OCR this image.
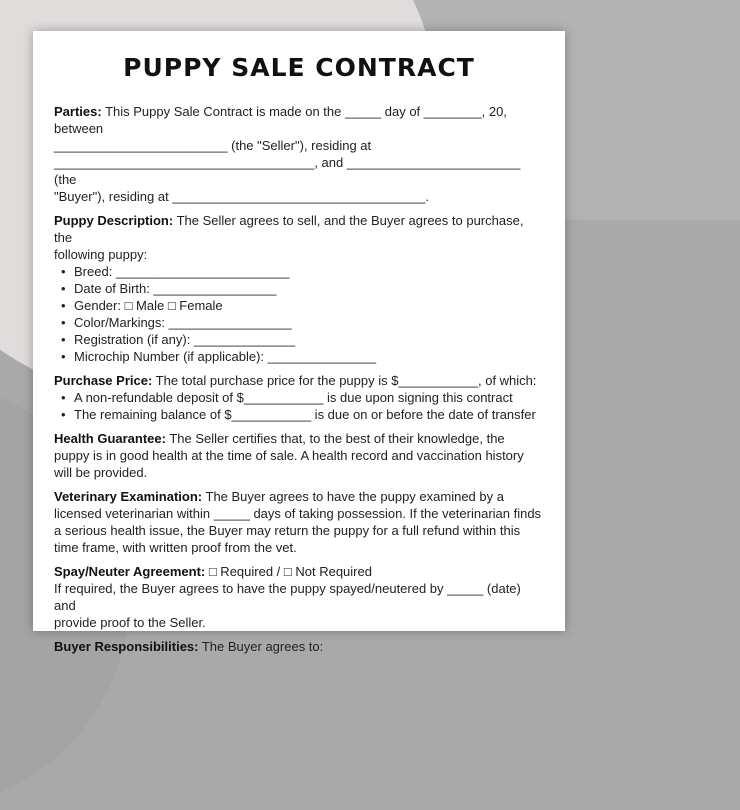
PUPPY SALE CONTRACT

Parties: This Puppy Sale Contract is made on the _____ day of ________, 20, between

________________________ (the "Seller"), residing at

____________________________________, and ________________________ (the

"Buyer"), residing at ___________________________________.

Puppy Description: The Seller agrees to sell, and the Buyer agrees to purchase, the

following puppy:

• Breed: ________________________
• Date of Birth: _________________
• Gender: □ Male □ Female
• Color/Markings: _________________
• Registration (if any): ______________
• Microchip Number (if applicable): _______________

Purchase Price: The total purchase price for the puppy is $___________, of which:

• A non-refundable deposit of $___________ is due upon signing this contract
• The remaining balance of $___________ is due on or before the date of transfer

Health Guarantee: The Seller certifies that, to the best of their knowledge, the

puppy is in good health at the time of sale. A health record and vaccination history

will be provided.

Veterinary Examination: The Buyer agrees to have the puppy examined by a

licensed veterinarian within _____ days of taking possession. If the veterinarian finds

a serious health issue, the Buyer may return the puppy for a full refund within this

time frame, with written proof from the vet.

Spay/Neuter Agreement: □ Required / □ Not Required

If required, the Buyer agrees to have the puppy spayed/neutered by _____ (date) and

provide proof to the Seller.

Buyer Responsibilities: The Buyer agrees to:
